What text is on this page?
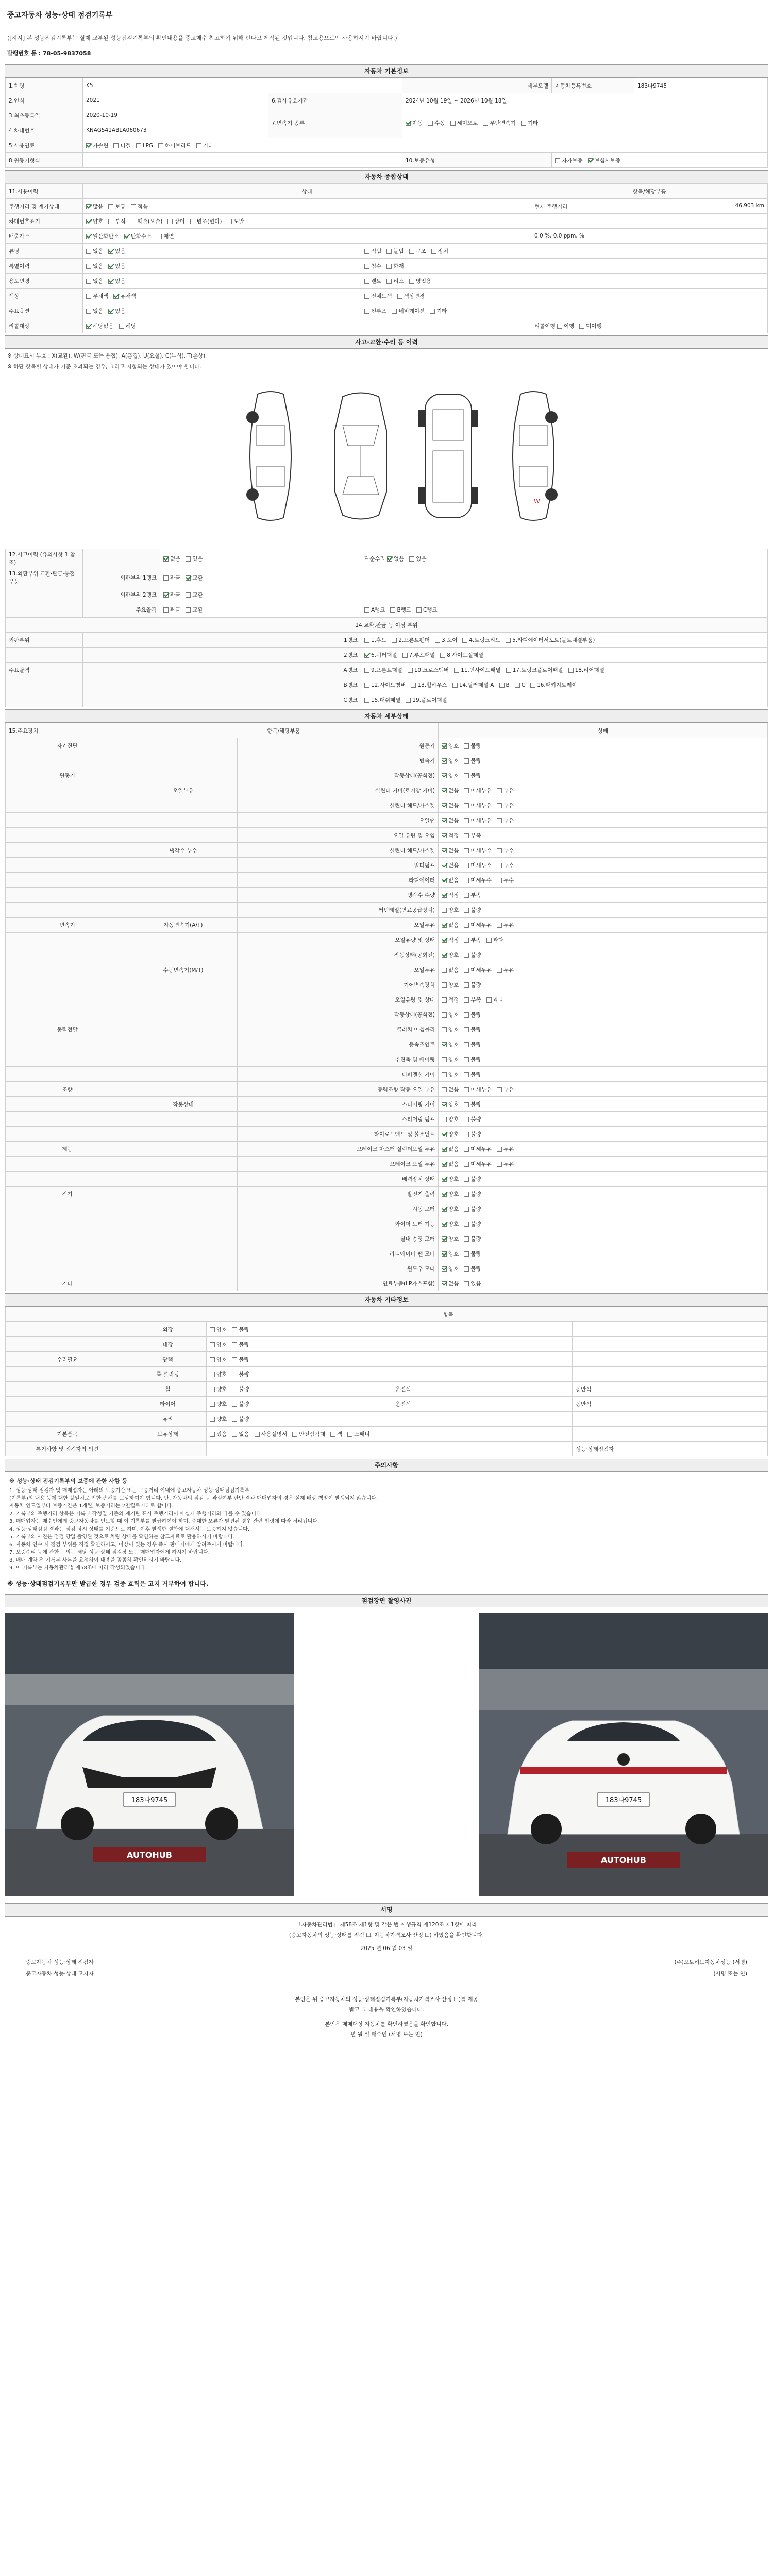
중고자동차 성능·상태 점검기록부
([지시] 본 성능점검기록부는 실제 교부된 성능점검기록부의 확인내용을 중고매수 참고하기 위해 판다고 제작된 것입니다. 참고용으로만 사용하시기 바랍니다.)
발행번호 등 : 78-05-9837058
자동차 기본정보
1.차명	K5		세부모델	자동차등록번호	183다9745
2.연식	2021	6.검사유효기간	2024년 10월 19일 ~ 2026년 10월 18일		
3.최초등록일	2020-10-19	7.변속기 종류	자동 수동 세미오토 무단변속기 기타		
4.차대번호	KNAG541ABLA060673				
5.사용연료	가솔린 디젤 LPG 하이브리드 기타				
8.원동기형식			10.보증유형	자가보증 보험사보증	
자동차 종합상태
11.사용이력	상태		항목/해당부품
주행거리 및 계기상태	많음 보통 적음		현재 주행거리 46,903 km

차대번호표기	양호 부식 훼손(오손) 상이 변조(변타) 도말		
배출가스	일산화탄소 탄화수소 매연		0.0 %, 0.0 ppm, %
튜닝	없음 있음	적법 불법 구조 장치	
특별이력	없음 있음	침수 화재	
용도변경	없음 있음	렌트 리스 영업용	
색상	무채색 유채색	전체도색 색상변경	
주요옵션	없음 있음	썬루프 네비게이션 기타	
리콜대상	해당없음 해당		리콜이행 이행 미이행
사고·교환·수리 등 이력
※ 상태표시 부호 : X(교환), W(판금 또는 용접), A(흠집), U(요철), C(부식), T(손상)
※ 하단 항목별 상태가 기준 초과되는 경우, 그리고 저항되는 상태가 있어야 합니다.
W
12.사고이력 (유의사항 1 참조)		없음 있음	단순수리 없음 있음	
13.외판부위 교환·판금·용접 부분	외판부위 1랭크	판금 교환		
	외판부위 2랭크	판금 교환		
	주요골격	판금 교환	A랭크 B랭크 C랭크	
14.교환,판금 등 이상 부위		
외판부위	1랭크	1.후드 2.프론트펜더 3.도어 4.트렁크리드 5.라디에이터서포트(볼트체결부품)
	2랭크	6.쿼터패널 7.루프패널 8.사이드실패널
주요골격	A랭크	9.프론트패널 10.크로스멤버 11.인사이드패널 17.트렁크플로어패널 18.리어패널
	B랭크	12.사이드멤버 13.휠하우스 14.필러패널 A B C 16.패키지트레이
	C랭크	15.대쉬패널 19.플로어패널
자동차 세부상태
15.주요장치	항목/해당부품		상태	
자기진단		원동기	양호 불량	
		변속기	양호 불량	
원동기		작동상태(공회전)	양호 불량	
	오일누유	실린더 커버(로커암 커버)	없음 미세누유 누유	
		실린더 헤드/가스켓	없음 미세누유 누유	
		오일팬	없음 미세누유 누유	
		오일 유량 및 오염	적정 부족	
	냉각수 누수	실린더 헤드/가스켓	없음 미세누수 누수	
		워터펌프	없음 미세누수 누수	
		라디에이터	없음 미세누수 누수	
		냉각수 수량	적정 부족	
		커먼레일(연료공급장치)	양호 불량	
변속기	자동변속기(A/T)	오일누유	없음 미세누유 누유	
		오일유량 및 상태	적정 부족 과다	
		작동상태(공회전)	양호 불량	
	수동변속기(M/T)	오일누유	없음 미세누유 누유	
		기어변속장치	양호 불량	
		오일유량 및 상태	적정 부족 과다	
		작동상태(공회전)	양호 불량	
동력전달		클러치 어셈블리	양호 불량	
		등속조인트	양호 불량	
		추진축 및 베어링	양호 불량	
		디퍼렌셜 기어	양호 불량	
조향		동력조향 작동 오일 누유	없음 미세누유 누유	
	작동상태	스티어링 기어	양호 불량	
		스티어링 펌프	양호 불량	
		타이로드엔드 및 볼조인트	양호 불량	
제동		브레이크 마스터 실린더오일 누유	없음 미세누유 누유	
		브레이크 오일 누유	없음 미세누유 누유	
		배력장치 상태	양호 불량	
전기		발전기 출력	양호 불량	
		시동 모터	양호 불량	
		와이퍼 모터 기능	양호 불량	
		실내 송풍 모터	양호 불량	
		라디에이터 팬 모터	양호 불량	
		윈도우 모터	양호 불량	
기타		연료누출(LP가스포함)	없음 있음	
자동차 기타정보
	항목			
	외장	양호 불량		
	내장	양호 불량		
수리필요	광택	양호 불량		
	룸 클리닝	양호 불량		
	휠	양호 불량	운전석	동반석
	타이어	양호 불량	운전석	동반석
	유리	양호 불량		
기본품목	보유상태	있음 없음 사용설명서 안전삼각대 잭 스패너		
특기사항 및 점검자의 의견				성능·상태점검자
주의사항
※ 성능·상태 점검기록부의 보증에 관한 사항 등
1. 성능·상태 점검자 및 매매업자는 아래의 보증기간 또는 보증거리 이내에 중고자동차 성능·상태점검기록부
(기록부)의 내용 등에 대한 불일치로 인한 손해를 보상하여야 합니다. 단, 자동차의 점검 등 과실여부 판단 결과 매매업자의 경우 실제 배상 책임이 발생되지 않습니다.
자동차 인도일부터 보증기간은 1개월, 보증거리는 2천킬로미터로 합니다.
2. 기록부의 주행거리 항목은 기록부 작성일 기준의 계기판 표시 주행거리이며 실제 주행거리와 다를 수 있습니다.
3. 매매업자는 매수인에게 중고자동차를 인도할 때 이 기록부를 발급하여야 하며, 중대한 오류가 발견된 경우 관련 법령에 따라 처리됩니다.
4. 성능·상태점검 결과는 점검 당시 상태를 기준으로 하며, 이후 발생한 결함에 대해서는 보증하지 않습니다.
5. 기록부의 사진은 점검 당일 촬영된 것으로 차량 상태를 확인하는 참고자료로 활용하시기 바랍니다.
6. 자동차 인수 시 점검 부위를 직접 확인하시고, 이상이 있는 경우 즉시 판매자에게 알려주시기 바랍니다.
7. 보증수리 등에 관한 문의는 해당 성능·상태 점검장 또는 매매업자에게 하시기 바랍니다.
8. 매매 계약 전 기록부 사본을 요청하여 내용을 꼼꼼히 확인하시기 바랍니다.
9. 이 기록부는 자동차관리법 제58조에 따라 작성되었습니다.
※ 성능·상태점검기록부만 발급한 경우 검증 효력은 고지 거부하여 합니다.
점검장면 촬영사진
183다9745
AUTOHUB
183다9745
AUTOHUB
서명
「자동차관리법」 제58조 제1항 및 같은 법 시행규칙 제120조 제1항에 따라
(중고자동차의 성능·상태를 점검 ☐, 자동차가격조사·산정 ☐) 하였음을 확인합니다.
2025 년 06 월 03 일
중고자동차 성능·상태 점검자	(주)오토허브자동차성능 (서명)
중고자동차 성능·상태 고지자	(서명 또는 인)
본인은 위 중고자동차의 성능·상태점검기록부(자동차가격조사·산정 ☐)를 제공
받고 그 내용을 확인하였습니다.
본인은 매매대상 자동차를 확인하였음을 확인합니다.
년 월 일 매수인 (서명 또는 인)
